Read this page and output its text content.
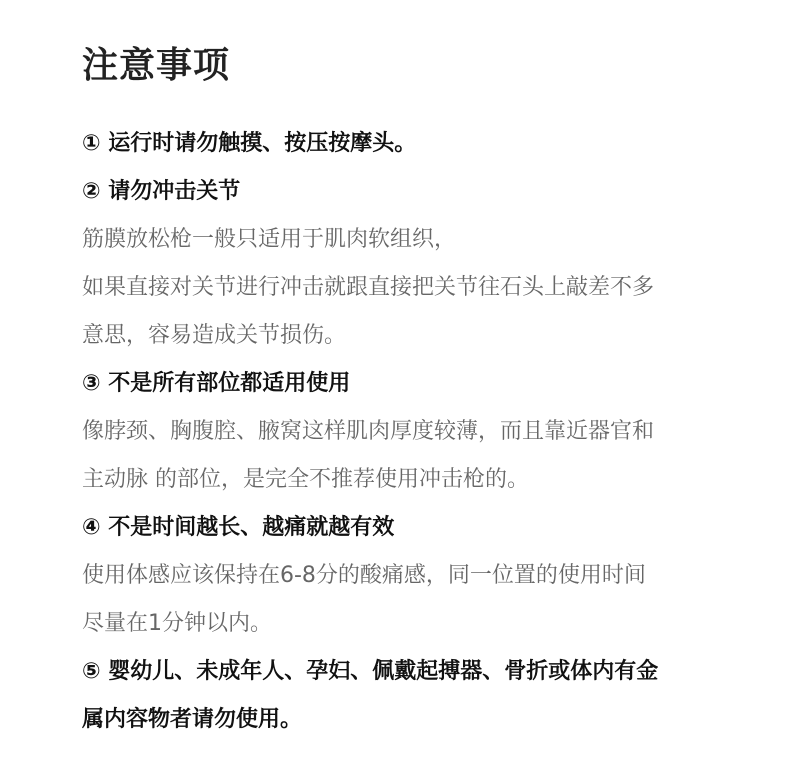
注意事项
① 运行时请勿触摸、按压按摩头。
② 请勿冲击关节
筋膜放松枪一般只适用于肌肉软组织，
如果直接对关节进行冲击就跟直接把关节往石头上敲差不多
意思，容易造成关节损伤。
③ 不是所有部位都适用使用
像脖颈、胸腹腔、腋窝这样肌肉厚度较薄，而且靠近器官和
主动脉 的部位，是完全不推荐使用冲击枪的。
④ 不是时间越长、越痛就越有效
使用体感应该保持在6-8分的酸痛感，同一位置的使用时间
尽量在1分钟以内。
⑤ 婴幼儿、未成年人、孕妇、佩戴起搏器、骨折或体内有金
属内容物者请勿使用。
